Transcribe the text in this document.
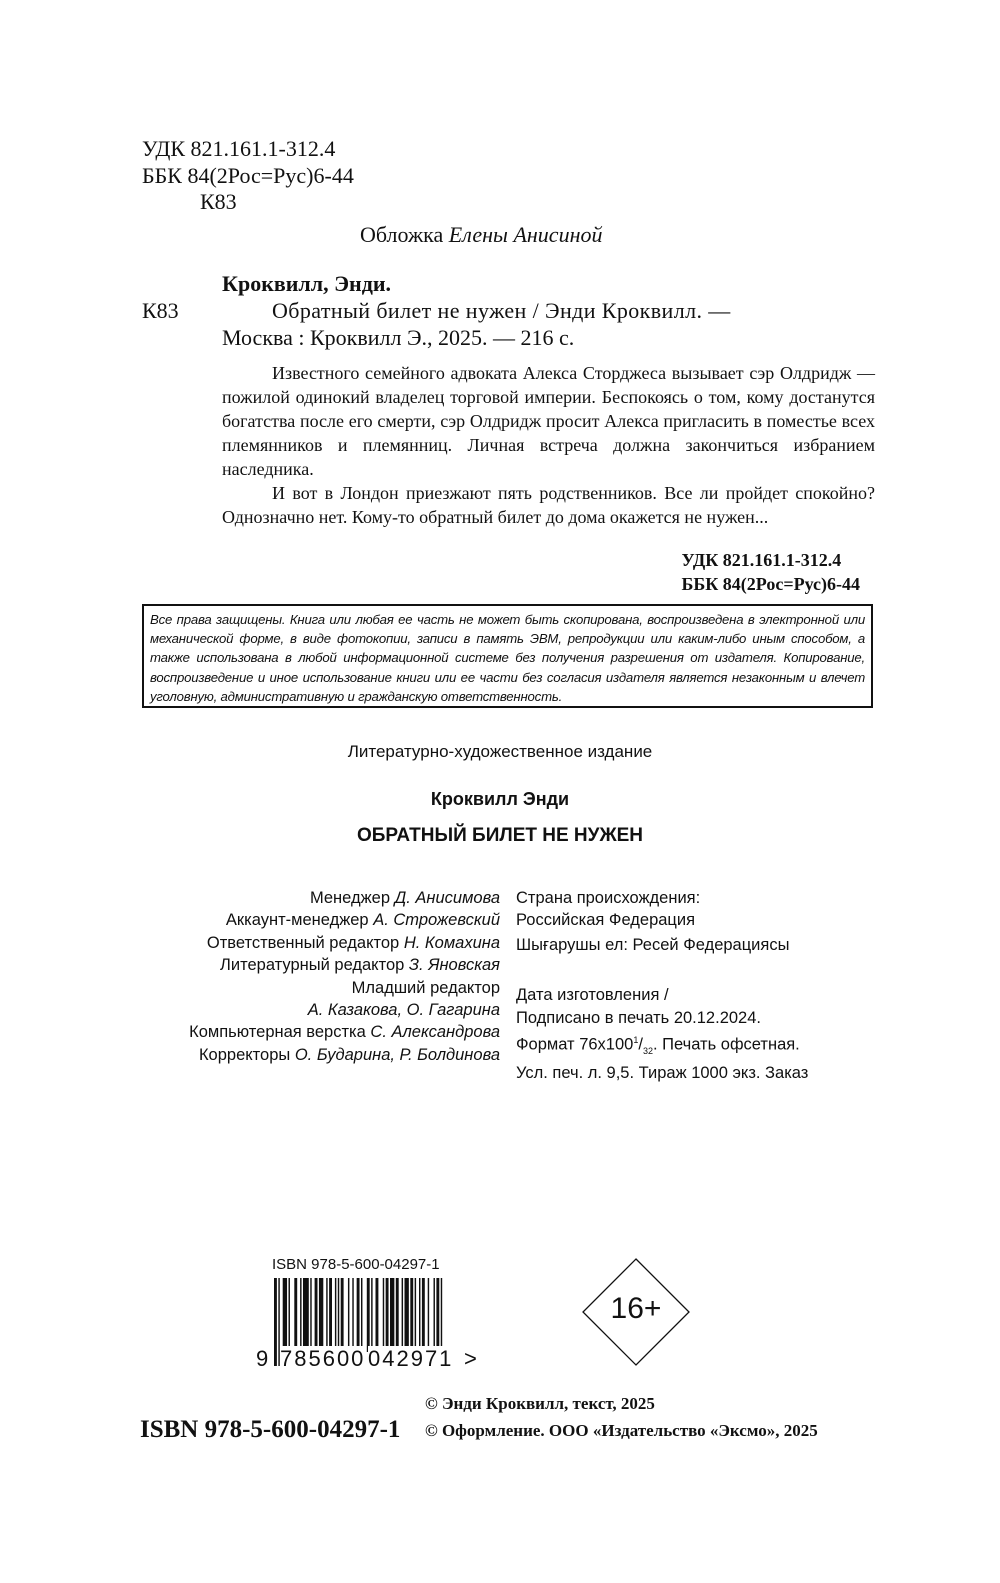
УДК 821.161.1-312.4
ББК 84(2Рос=Рус)6-44
К83
Обложка Елены Анисиной
Кроквилл, Энди.
К83	Обратный билет не нужен / Энди Кроквилл. —
Москва : Кроквилл Э., 2025. — 216 с.

Известного семейного адвоката Алекса Сторджеса вызывает сэр Олдридж — пожилой одинокий владелец торговой империи. Беспокоясь о том, кому достанутся богатства после его смерти, сэр Олдридж просит Алекса пригласить в поместье всех племянников и племянниц. Личная встреча должна закончиться избранием наследника.

И вот в Лондон приезжают пять родственников. Все ли пройдет спокойно? Однозначно нет. Кому-то обратный билет до дома окажется не нужен...

УДК 821.161.1-312.4
ББК 84(2Рос=Рус)6-44
Все права защищены. Книга или любая ее часть не может быть скопирована, воспроизведена в электронной или механической форме, в виде фотокопии, записи в память ЭВМ, репродукции или каким-либо иным способом, а также использована в любой информационной системе без получения разрешения от издателя. Копирование, воспроизведение и иное использование книги или ее части без согласия издателя является незаконным и влечет уголовную, административную и гражданскую ответственность.
Литературно-художественное издание
Кроквилл Энди
ОБРАТНЫЙ БИЛЕТ НЕ НУЖЕН
Менеджер Д. Анисимова
Аккаунт-менеджер А. Строжевский
Ответственный редактор Н. Комахина
Литературный редактор З. Яновская
Младший редактор
А. Казакова, О. Гагарина
Компьютерная верстка С. Александрова
Корректоры О. Бударина, Р. Болдинова
Страна происхождения:
Российская Федерация
Шығарушы ел: Ресей Федерациясы
Дата изготовления /
Подписано в печать 20.12.2024.
Формат $76х100^1/_{32}$. Печать офсетная.
Усл. печ. л. 9,5. Тираж 1000 экз. Заказ
ISBN 978-5-600-04297-1
9 785600 042971 >
16+
© Энди Кроквилл, текст, 2025
© Оформление. ООО «Издательство «Эксмо», 2025
ISBN 978-5-600-04297-1
